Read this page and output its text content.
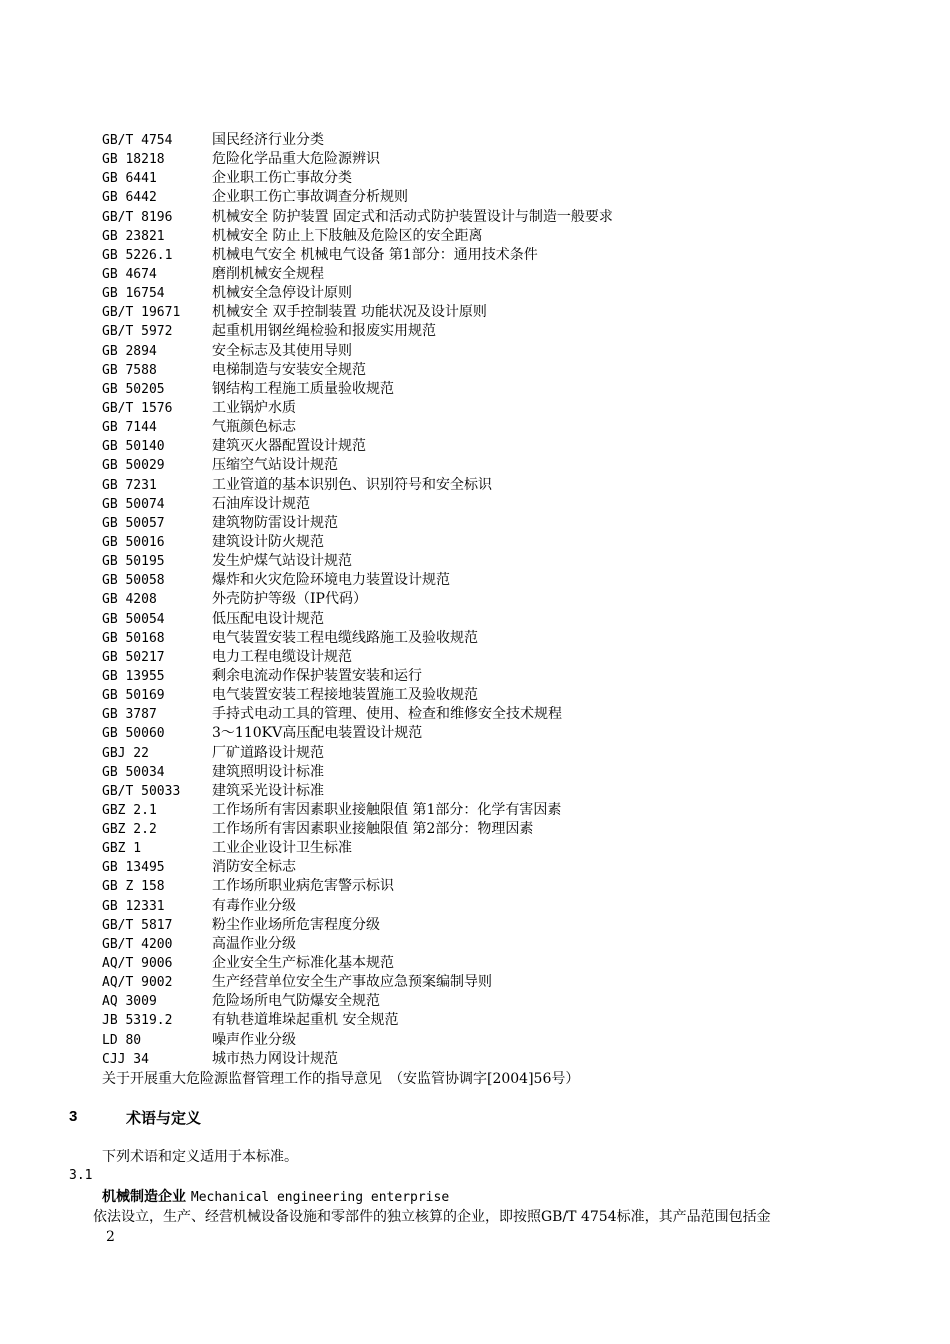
GB/T 4754	国民经济行业分类
GB 18218	危险化学品重大危险源辨识
GB 6441	企业职工伤亡事故分类
GB 6442	企业职工伤亡事故调查分析规则
GB/T 8196	机械安全 防护装置 固定式和活动式防护装置设计与制造一般要求
GB 23821	机械安全 防止上下肢触及危险区的安全距离
GB 5226.1	机械电气安全 机械电气设备 第1部分：通用技术条件
GB 4674	磨削机械安全规程
GB 16754	机械安全急停设计原则
GB/T 19671	机械安全 双手控制装置 功能状况及设计原则
GB/T 5972	起重机用钢丝绳检验和报废实用规范
GB 2894	安全标志及其使用导则
GB 7588	电梯制造与安装安全规范
GB 50205	钢结构工程施工质量验收规范
GB/T 1576	工业锅炉水质
GB 7144	气瓶颜色标志
GB 50140	建筑灭火器配置设计规范
GB 50029	压缩空气站设计规范
GB 7231	工业管道的基本识别色、识别符号和安全标识
GB 50074	石油库设计规范
GB 50057	建筑物防雷设计规范
GB 50016	建筑设计防火规范
GB 50195	发生炉煤气站设计规范
GB 50058	爆炸和火灾危险环境电力装置设计规范
GB 4208	外壳防护等级（IP代码）
GB 50054	低压配电设计规范
GB 50168	电气装置安装工程电缆线路施工及验收规范
GB 50217	电力工程电缆设计规范
GB 13955	剩余电流动作保护装置安装和运行
GB 50169	电气装置安装工程接地装置施工及验收规范
GB 3787	手持式电动工具的管理、使用、检查和维修安全技术规程
GB 50060	3～110KV高压配电装置设计规范
GBJ 22	厂矿道路设计规范
GB 50034	建筑照明设计标准
GB/T 50033	建筑采光设计标准
GBZ 2.1	工作场所有害因素职业接触限值 第1部分：化学有害因素
GBZ 2.2	工作场所有害因素职业接触限值 第2部分：物理因素
GBZ 1	工业企业设计卫生标准
GB 13495	消防安全标志
GB Z 158	工作场所职业病危害警示标识
GB 12331	有毒作业分级
GB/T 5817	粉尘作业场所危害程度分级
GB/T 4200	高温作业分级
AQ/T 9006	企业安全生产标准化基本规范
AQ/T 9002	生产经营单位安全生产事故应急预案编制导则
AQ 3009	危险场所电气防爆安全规范
JB 5319.2	有轨巷道堆垛起重机 安全规范
LD 80	噪声作业分级
CJJ 34	城市热力网设计规范
关于开展重大危险源监督管理工作的指导意见　（安监管协调字[2004]56号）
3	术语与定义
下列术语和定义适用于本标准。
3.1
机械制造企业 Mechanical engineering enterprise
依法设立，生产、经营机械设备设施和零部件的独立核算的企业，即按照GB/T 4754标准，其产品范围包括金
2
